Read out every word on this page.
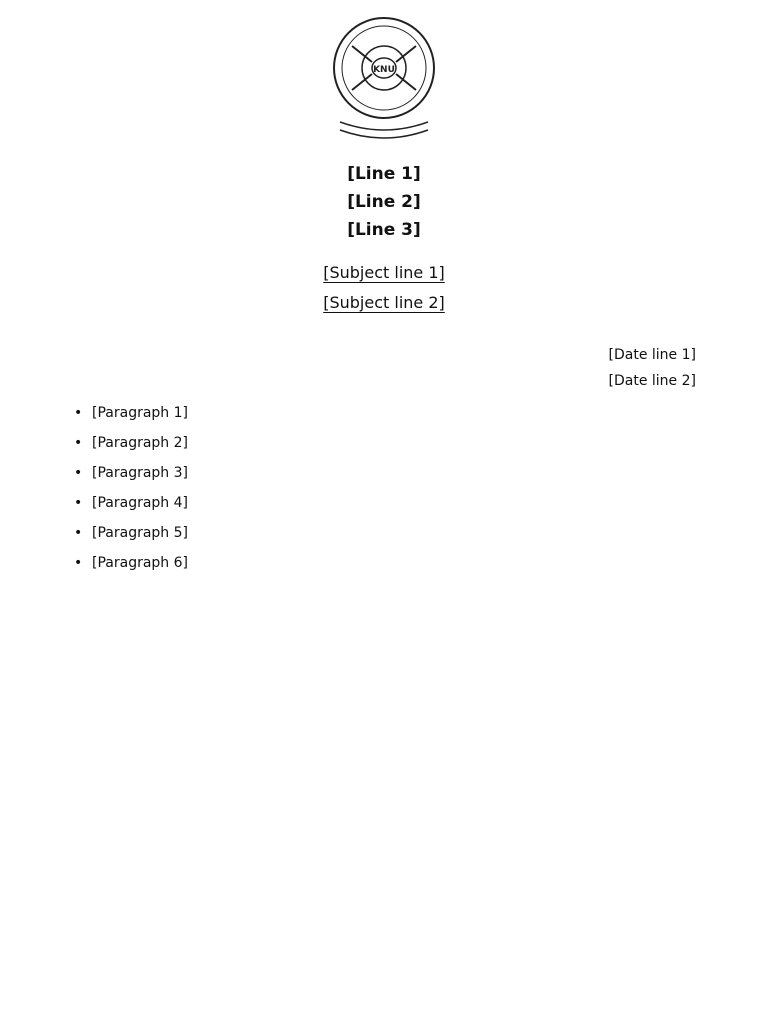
KNU
[Line 1]
[Line 2]
[Line 3]
[Subject line 1]
[Subject line 2]
[Date line 1]
[Date line 2]
• [Paragraph 1]
• [Paragraph 2]
• [Paragraph 3]
• [Paragraph 4]
• [Paragraph 5]
• [Paragraph 6]
